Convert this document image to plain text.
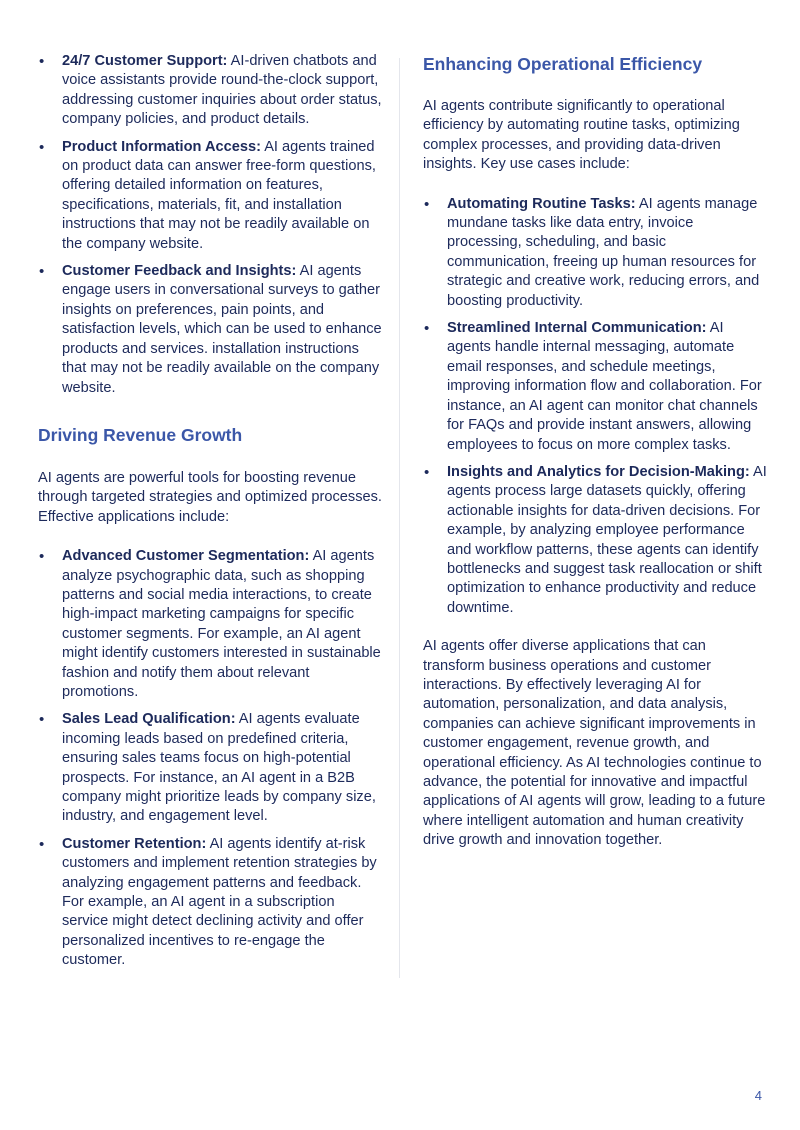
• 24/7 Customer Support: AI-driven chatbots and voice assistants provide round-the-clock support, addressing customer inquiries about order status, company policies, and product details.
• Product Information Access: AI agents trained on product data can answer free-form questions, offering detailed information on features, specifications, materials, fit, and installation instructions that may not be readily available on the company website.
• Customer Feedback and Insights: AI agents engage users in conversational surveys to gather insights on preferences, pain points, and satisfaction levels, which can be used to enhance products and services. installation instructions that may not be readily available on the company website.
Driving Revenue Growth

AI agents are powerful tools for boosting revenue through targeted strategies and optimized processes. Effective applications include:

• Advanced Customer Segmentation: AI agents analyze psychographic data, such as shopping patterns and social media interactions, to create high-impact marketing campaigns for specific customer segments. For example, an AI agent might identify customers interested in sustainable fashion and notify them about relevant promotions.
• Sales Lead Qualification: AI agents evaluate incoming leads based on predefined criteria, ensuring sales teams focus on high-potential prospects. For instance, an AI agent in a B2B company might prioritize leads by company size, industry, and engagement level.
• Customer Retention: AI agents identify at-risk customers and implement retention strategies by analyzing engagement patterns and feedback. For example, an AI agent in a subscription service might detect declining activity and offer personalized incentives to re-engage the customer.
Enhancing Operational Efficiency

AI agents contribute significantly to operational efficiency by automating routine tasks, optimizing complex processes, and providing data-driven insights. Key use cases include:

• Automating Routine Tasks: AI agents manage mundane tasks like data entry, invoice processing, scheduling, and basic communication, freeing up human resources for strategic and creative work, reducing errors, and boosting productivity.
• Streamlined Internal Communication: AI agents handle internal messaging, automate email responses, and schedule meetings, improving information flow and collaboration. For instance, an AI agent can monitor chat channels for FAQs and provide instant answers, allowing employees to focus on more complex tasks.
• Insights and Analytics for Decision-Making: AI agents process large datasets quickly, offering actionable insights for data-driven decisions. For example, by analyzing employee performance and workflow patterns, these agents can identify bottlenecks and suggest task reallocation or shift optimization to enhance productivity and reduce downtime.

AI agents offer diverse applications that can transform business operations and customer interactions. By effectively leveraging AI for automation, personalization, and data analysis, companies can achieve significant improvements in customer engagement, revenue growth, and operational efficiency. As AI technologies continue to advance, the potential for innovative and impactful applications of AI agents will grow, leading to a future where intelligent automation and human creativity drive growth and innovation together.

4
